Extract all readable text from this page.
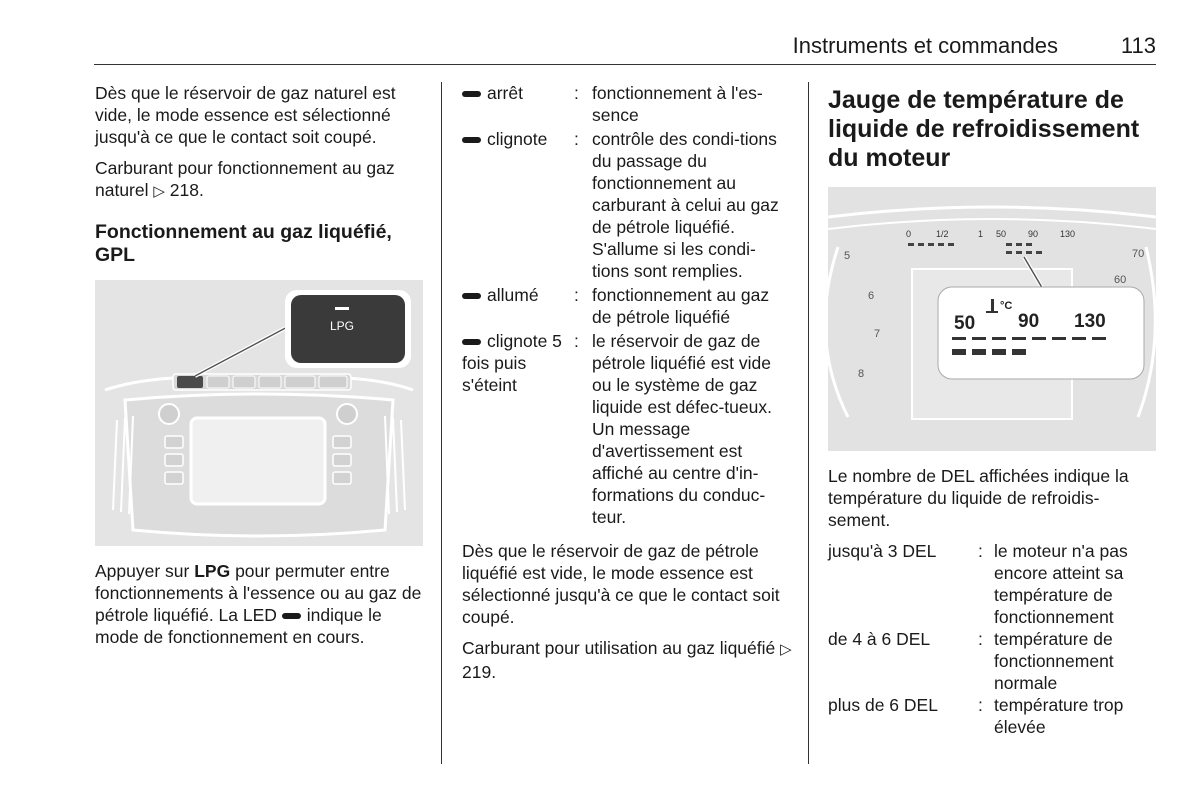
Instruments et commandes	113

Dès que le réservoir de gaz naturel est vide, le mode essence est sélectionné jusqu'à ce que le contact soit coupé.

Carburant pour fonctionnement au gaz naturel ▷ 218.

Fonctionnement au gaz liquéfié, GPL
LPG

Appuyer sur LPG pour permuter entre fonctionnements à l'essence ou au gaz de pétrole liquéfié. La LED indique le mode de fonctionnement en cours.

arrêt	: fonctionnement à l'es-sence
clignote	: contrôle des condi-tions du passage du fonctionnement au carburant à celui au gaz de pétrole liquéfié. S'allume si les condi-tions sont remplies.
allumé	: fonctionnement au gaz de pétrole liquéfié
clignote 5 fois puis s'éteint
: le réservoir de gaz de pétrole liquéfié est vide ou le système de gaz liquide est défec-tueux. Un message d'avertissement est affiché au centre d'in-formations du conduc-teur.

Dès que le réservoir de gaz de pétrole liquéfié est vide, le mode essence est sélectionné jusqu'à ce que le contact soit coupé.

Carburant pour utilisation au gaz liquéfié ▷ 219.

Jauge de température de liquide de refroidissement du moteur
0	1/2	1 50 90 130
5
6
7
8
60
70
50 90 130
°C

Le nombre de DEL affichées indique la température du liquide de refroidis-sement.

jusqu'à 3 DEL	: le moteur n'a pas encore atteint sa température de fonctionnement
de 4 à 6 DEL	: température de fonctionnement normale
plus de 6 DEL	: température trop élevée
